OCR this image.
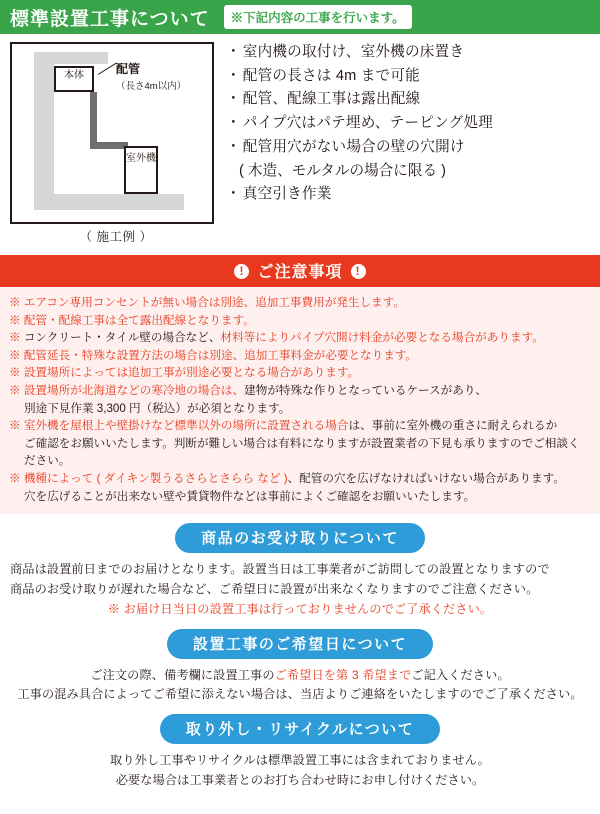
標準設置工事について	※下記内容の工事を行います。
本体
室外機
配管
（長さ4m以内）
（ 施工例 ）
・ 室内機の取付け、室外機の床置き
・ 配管の長さは 4m まで可能
・ 配管、配線工事は露出配線
・ パイプ穴はパテ埋め、テーピング処理
・ 配管用穴がない場合の壁の穴開け
( 木造、モルタルの場合に限る )
・ 真空引き作業
! ご注意事項 !
※ エアコン専用コンセントが無い場合は別途、追加工事費用が発生します。
※ 配管・配線工事は全て露出配線となります。
※ コンクリート・タイル壁の場合など、材料等によりパイプ穴開け料金が必要となる場合があります。
※ 配管延長・特殊な設置方法の場合は別途、追加工事料金が必要となります。
※ 設置場所によっては追加工事が別途必要となる場合があります。
※ 設置場所が北海道などの寒冷地の場合は、建物が特殊な作りとなっているケースがあり、
別途下見作業 3,300 円（税込）が必須となります。
※ 室外機を屋根上や壁掛けなど標準以外の場所に設置される場合は、事前に室外機の重さに耐えられるか
ご確認をお願いいたします。判断が難しい場合は有料になりますが設置業者の下見も承りますのでご相談ください。
※ 機種によって ( ダイキン製うるさらとさらら など )、配管の穴を広げなければいけない場合があります。
穴を広げることが出来ない壁や賃貸物件などは事前によくご確認をお願いいたします。
商品のお受け取りについて
商品は設置前日までのお届けとなります。設置当日は工事業者がご訪問しての設置となりますので
商品のお受け取りが遅れた場合など、ご希望日に設置が出来なくなりますのでご注意ください。
※ お届け日当日の設置工事は行っておりませんのでご了承ください。
設置工事のご希望日について
ご注文の際、備考欄に設置工事のご希望日を第 3 希望までご記入ください。
工事の混み具合によってご希望に添えない場合は、当店よりご連絡をいたしますのでご了承ください。
取り外し・リサイクルについて
取り外し工事やリサイクルは標準設置工事には含まれておりません。
必要な場合は工事業者とのお打ち合わせ時にお申し付けください。
